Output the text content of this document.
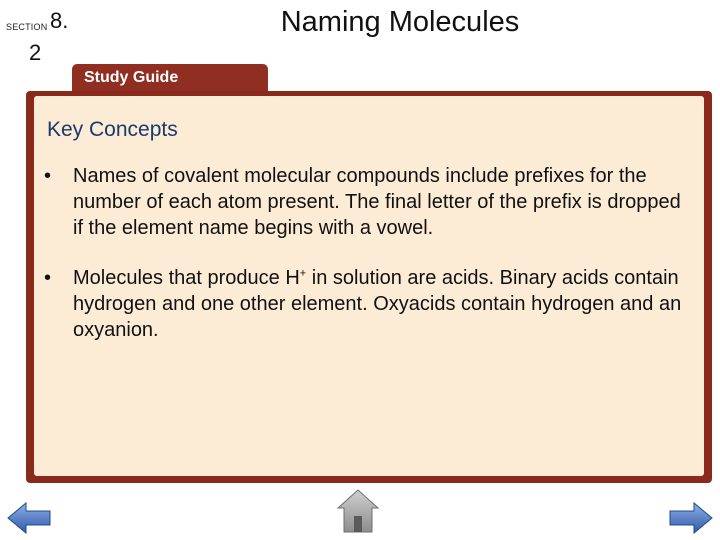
SECTION 8.
2
Naming Molecules
Study Guide
Key Concepts
• Names of covalent molecular compounds include prefixes for the number of each atom present. The final letter of the prefix is dropped if the element name begins with a vowel.
• Molecules that produce H+ in solution are acids. Binary acids contain hydrogen and one other element. Oxyacids contain hydrogen and an oxyanion.
